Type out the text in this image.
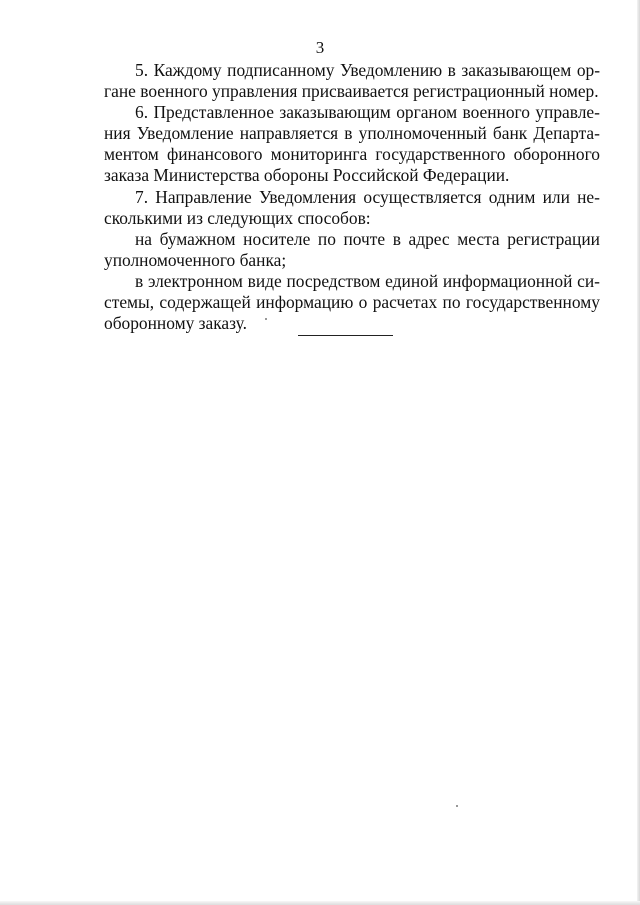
3
5. Каждому подписанному Уведомлению в заказывающем ор-
гане военного управления присваивается регистрационный номер.
6. Представленное заказывающим органом военного управле-
ния Уведомление направляется в уполномоченный банк Департа-
ментом финансового мониторинга государственного оборонного
заказа Министерства обороны Российской Федерации.
7. Направление Уведомления осуществляется одним или не-
сколькими из следующих способов:
на бумажном носителе по почте в адрес места регистрации
уполномоченного банка;
в электронном виде посредством единой информационной си-
стемы, содержащей информацию о расчетах по государственному
оборонному заказу.
